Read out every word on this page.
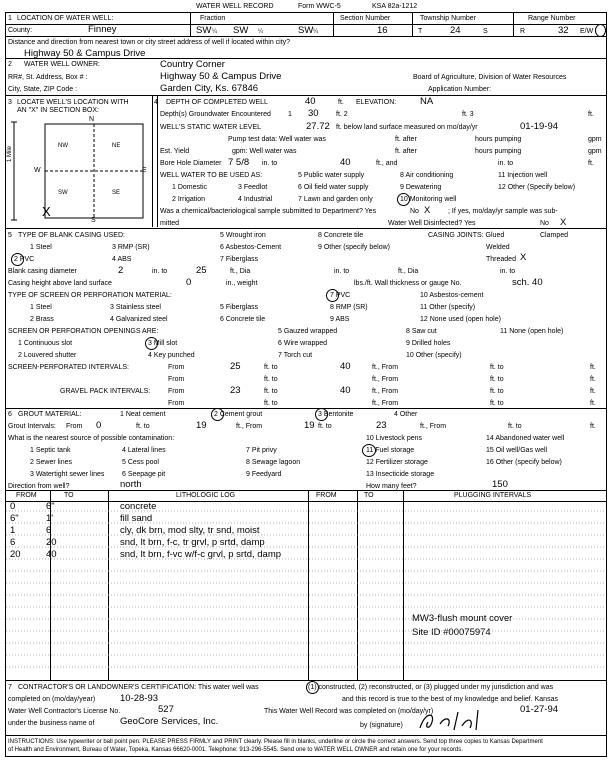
WATER WELL RECORD	Form WWC-5	KSA 82a-1212
1 LOCATION OF WATER WELL:	Fraction	Section Number	Township Number	Range Number
County:	Finney	SW ¼ SW ¼	SW ¼	16	T	24	S	R	32 E/W
Distance and direction from nearest town or city street address of well if located within city?
Highway 50 & Campus Drive
2 WATER WELL OWNER:	Country Corner
RR#, St. Address, Box # :	Highway 50 & Campus Drive	Board of Agriculture, Division of Water Resources
City, State, ZIP Code :	Garden City, Ks. 67846	Application Number:
3 LOCATE WELL'S LOCATION WITH
AN "X" IN SECTION BOX:
N
S
W	E
NW	NE
SW	SE
1 Mile
X
4 DEPTH OF COMPLETED WELL	40	ft. ELEVATION:	NA
Depth(s) Groundwater Encountered 1 30 ft. 2	ft. 3	ft.
WELL'S STATIC WATER LEVEL	27.72 ft. below land surface measured on mo/day/yr	01-19-94
Pump test data: Well water was	ft. after	hours pumping	gpm
Est. Yield	gpm: Well water was	ft. after	hours pumping	gpm
Bore Hole Diameter 7 5/8 in. to	40	ft., and	in. to	ft.
WELL WATER TO BE USED AS:	5 Public water supply	8 Air conditioning	11 Injection well
1 Domestic	3 Feedlot	6 Oil field water supply	9 Dewatering	12 Other (Specify below)
2 Irrigation	4 Industrial	7 Lawn and garden only	10 Monitoring well
Was a chemical/bacteriological sample submitted to Department? Yes	No X	; If yes, mo/day/yr sample was sub-
mitted	Water Well Disinfected? Yes	No X
5 TYPE OF BLANK CASING USED:	5 Wrought iron	8 Concrete tile	CASING JOINTS: Glued	Clamped
1 Steel	3 RMP (SR)	6 Asbestos-Cement	9 Other (specify below)	Welded
2 PVC	4 ABS	7 Fiberglass	Threaded X
Blank casing diameter	2	in. to	25	ft., Dia	in. to	ft., Dia	in. to
Casing height above land surface	0	in., weight	lbs./ft. Wall thickness or gauge No.	sch. 40
TYPE OF SCREEN OR PERFORATION MATERIAL:	7 PVC	10 Asbestos-cement
1 Steel	3 Stainless steel	5 Fiberglass	8 RMP (SR)	11 Other (specify)
2 Brass	4 Galvanized steel	6 Concrete tile	9 ABS	12 None used (open hole)
SCREEN OR PERFORATION OPENINGS ARE:	5 Gauzed wrapped	8 Saw cut	11 None (open hole)
1 Continuous slot	3 Mill slot	6 Wire wrapped	9 Drilled holes
2 Louvered shutter	4 Key punched	7 Torch cut	10 Other (specify)
SCREEN-PERFORATED INTERVALS:	From	25	ft. to	40	ft., From	ft. to	ft.
From	ft. to	ft., From	ft. to	ft.
GRAVEL PACK INTERVALS:	From	23	ft. to	40	ft., From	ft. to	ft.
From	ft. to	ft., From	ft. to	ft.
6 GROUT MATERIAL:	1 Neat cement	2 Cement grout	3 Bentonite	4 Other
Grout Intervals: From 0	ft. to	19	ft., From	19 ft. to	23	ft., From	ft. to	ft.
What is the nearest source of possible contamination:	10 Livestock pens	14 Abandoned water well
1 Septic tank	4 Lateral lines	7 Pit privy	11 Fuel storage	15 Oil well/Gas well
2 Sewer lines	5 Cess pool	8 Sewage lagoon	12 Fertilizer storage	16 Other (specify below)
3 Watertight sewer lines	6 Seepage pit	9 Feedyard	13 Insecticide storage
Direction from well?	north	How many feet?	150
FROM	TO	LITHOLOGIC LOG	FROM	TO	PLUGGING INTERVALS
0	6"	concrete
6"	1'	fill sand
1	6	cly, dk brn, mod slty, tr snd, moist
6	20	snd, lt brn, f-c, tr grvl, p srtd, damp
20	40	snd, lt brn, f-vc w/f-c grvl, p srtd, damp
MW3-flush mount cover
Site ID #00075974
7 CONTRACTOR'S OR LANDOWNER'S CERTIFICATION: This water well was	(1) constructed, (2) reconstructed, or (3) plugged under my jurisdiction and was
completed on (mo/day/year)	10-28-93	and this record is true to the best of my knowledge and belief. Kansas
Water Well Contractor's License No.	527	This Water Well Record was completed on (mo/day/yr)	01-27-94
under the business name of	GeoCore Services, Inc.	by (signature)
INSTRUCTIONS: Use typewriter or ball point pen. PLEASE PRESS FIRMLY and PRINT clearly. Please fill in blanks, underline or circle the correct answers. Send top three copies to Kansas Department
of Health and Environment, Bureau of Water, Topeka, Kansas 66620-0001. Telephone: 913-296-5545. Send one to WATER WELL OWNER and retain one for your records.
